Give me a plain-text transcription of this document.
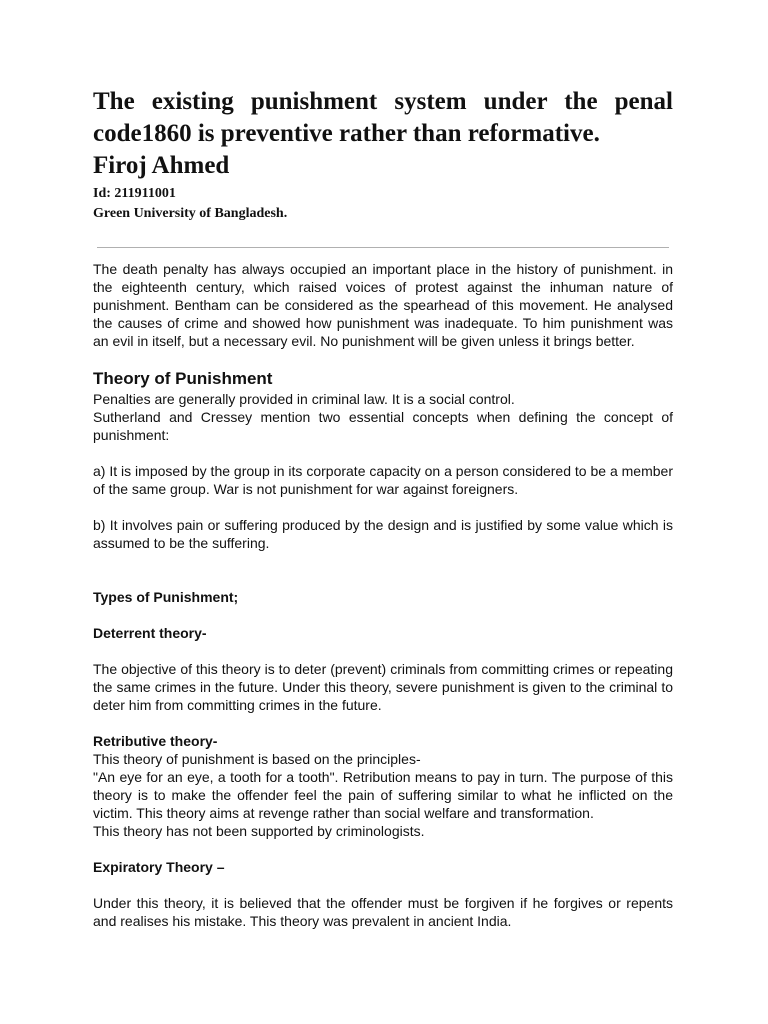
The existing punishment system under the penal code1860 is preventive rather than reformative.

Firoj Ahmed

Id: 211911001

Green University of Bangladesh.

The death penalty has always occupied an important place in the history of punishment. in the eighteenth century, which raised voices of protest against the inhuman nature of punishment. Bentham can be considered as the spearhead of this movement. He analysed the causes of crime and showed how punishment was inadequate. To him punishment was an evil in itself, but a necessary evil. No punishment will be given unless it brings better.

Theory of Punishment

Penalties are generally provided in criminal law. It is a social control.

Sutherland and Cressey mention two essential concepts when defining the concept of punishment:

a) It is imposed by the group in its corporate capacity on a person considered to be a member of the same group. War is not punishment for war against foreigners.

b) It involves pain or suffering produced by the design and is justified by some value which is assumed to be the suffering.

Types of Punishment;
Deterrent theory-

The objective of this theory is to deter (prevent) criminals from committing crimes or repeating the same crimes in the future. Under this theory, severe punishment is given to the criminal to deter him from committing crimes in the future.

Retributive theory-

This theory of punishment is based on the principles-

"An eye for an eye, a tooth for a tooth". Retribution means to pay in turn. The purpose of this theory is to make the offender feel the pain of suffering similar to what he inflicted on the victim. This theory aims at revenge rather than social welfare and transformation.

This theory has not been supported by criminologists.

Expiratory Theory –

Under this theory, it is believed that the offender must be forgiven if he forgives or repents and realises his mistake. This theory was prevalent in ancient India.
